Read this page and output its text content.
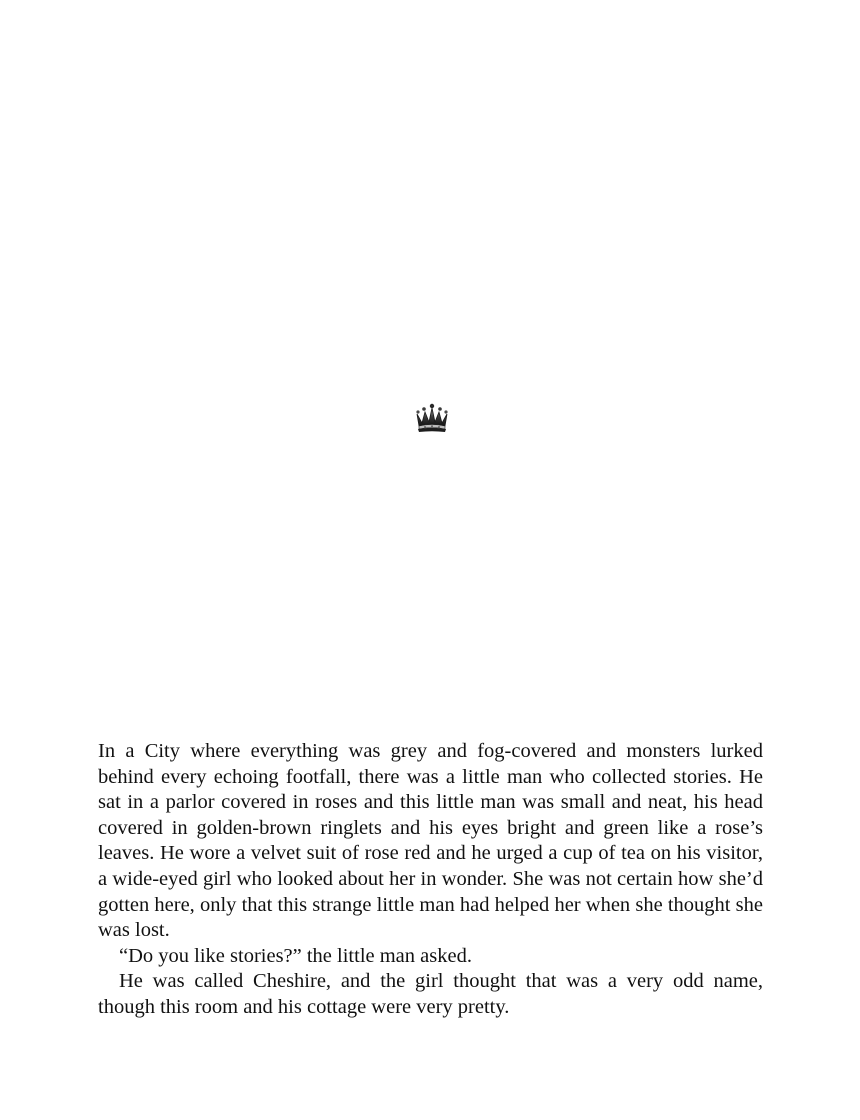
In a City where everything was grey and fog-covered and monsters lurked behind every echoing footfall, there was a little man who collected stories. He sat in a parlor covered in roses and this little man was small and neat, his head covered in golden-brown ringlets and his eyes bright and green like a rose’s leaves. He wore a velvet suit of rose red and he urged a cup of tea on his visitor, a wide-eyed girl who looked about her in wonder. She was not certain how she’d gotten here, only that this strange little man had helped her when she thought she was lost.

“Do you like stories?” the little man asked.

He was called Cheshire, and the girl thought that was a very odd name, though this room and his cottage were very pretty.
